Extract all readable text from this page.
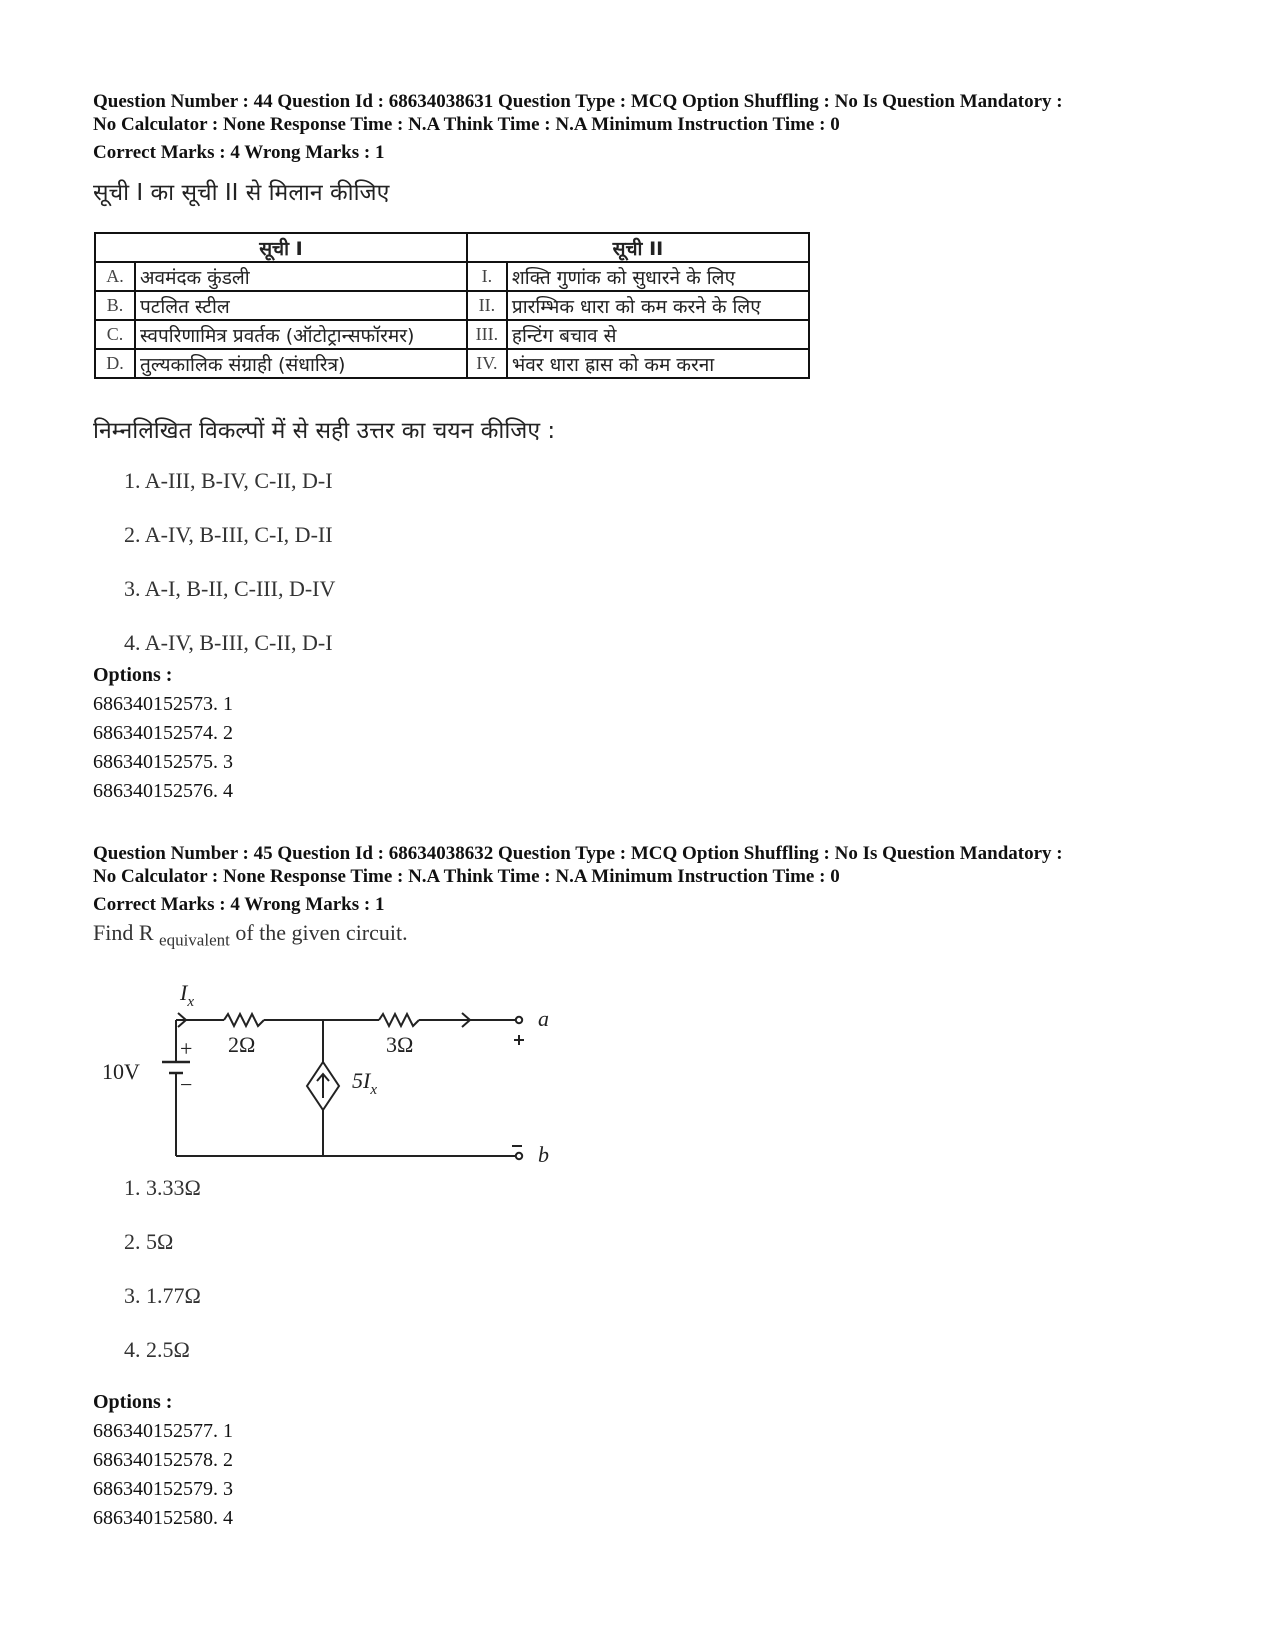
Question Number : 44 Question Id : 68634038631 Question Type : MCQ Option Shuffling : No Is Question Mandatory :
No Calculator : None Response Time : N.A Think Time : N.A Minimum Instruction Time : 0
Correct Marks : 4 Wrong Marks : 1
सूची I का सूची II से मिलान कीजिए
सूची I		सूची II	
A.	अवमंदक कुंडली	I.	शक्ति गुणांक को सुधारने के लिए
B.	पटलित स्टील	II.	प्रारम्भिक धारा को कम करने के लिए
C.	स्वपरिणामित्र प्रवर्तक (ऑटोट्रान्सफॉरमर)	III.	हन्टिंग बचाव से
D.	तुल्यकालिक संग्राही (संधारित्र)	IV.	भंवर धारा ह्रास को कम करना
निम्नलिखित विकल्पों में से सही उत्तर का चयन कीजिए :
1. A-III, B-IV, C-II, D-I
2. A-IV, B-III, C-I, D-II
3. A-I, B-II, C-III, D-IV
4. A-IV, B-III, C-II, D-I
Options :
686340152573. 1
686340152574. 2
686340152575. 3
686340152576. 4
Question Number : 45 Question Id : 68634038632 Question Type : MCQ Option Shuffling : No Is Question Mandatory :
No Calculator : None Response Time : N.A Think Time : N.A Minimum Instruction Time : 0
Correct Marks : 4 Wrong Marks : 1
Find R $_{equivalent}$ of the given circuit.
$I_x$
2Ω	3Ω
10V
+
−	$5I_x$
a
b
1. 3.33Ω
2. 5Ω
3. 1.77Ω
4. 2.5Ω
Options :
686340152577. 1
686340152578. 2
686340152579. 3
686340152580. 4
